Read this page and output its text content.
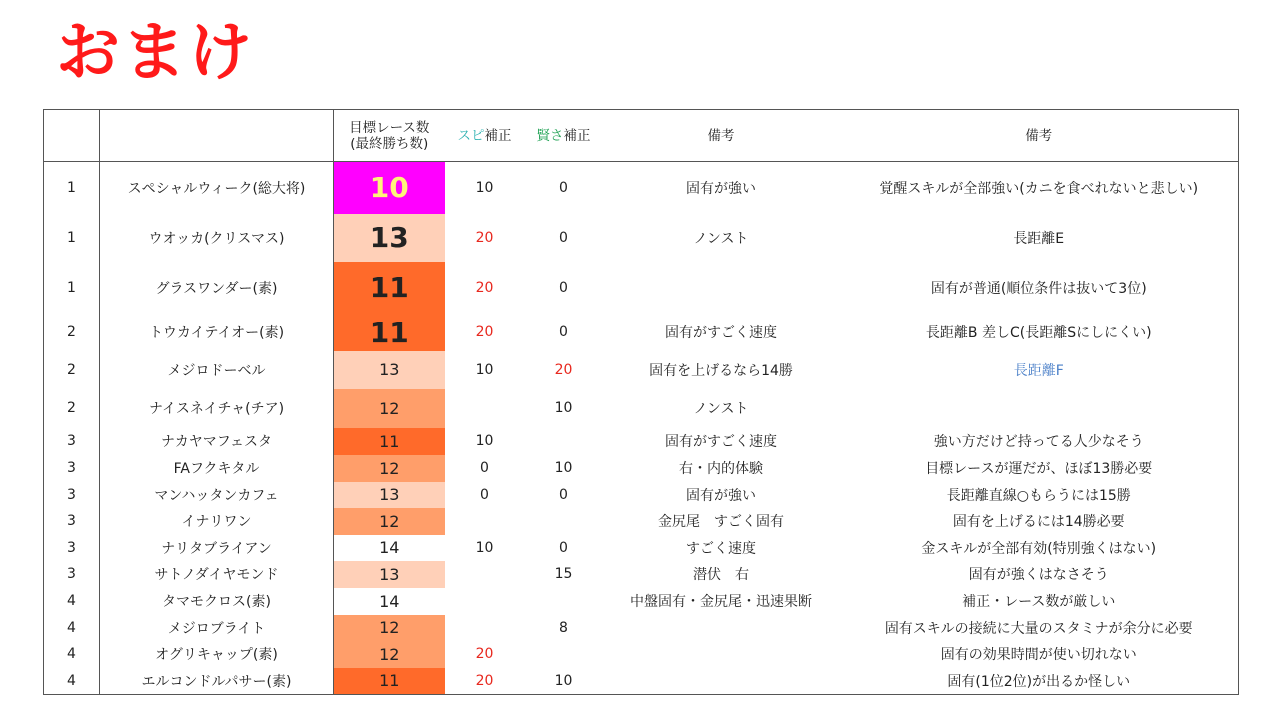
おまけ

		目標レース数
(最終勝ち数)	スピ補正	賢さ補正	備考	備考
1	スペシャルウィーク(総大将)	10	10	0	固有が強い	覚醒スキルが全部強い(カニを食べれないと悲しい)
1	ウオッカ(クリスマス)	13	20	0	ノンスト	長距離E
1	グラスワンダー(素)	11	20	0		固有が普通(順位条件は抜いて3位)
2	トウカイテイオー(素)	11	20	0	固有がすごく速度	長距離B 差しC(長距離Sにしにくい)
2	メジロドーベル	13	10	20	固有を上げるなら14勝	長距離F
2	ナイスネイチャ(チア)	12		10	ノンスト	
3	ナカヤマフェスタ	11	10		固有がすごく速度	強い方だけど持ってる人少なそう
3	FAフクキタル	12	0	10	右・内的体験	目標レースが運だが、ほぼ13勝必要
3	マンハッタンカフェ	13	0	0	固有が強い	長距離直線○もらうには15勝
3	イナリワン	12			金尻尾　すごく固有	固有を上げるには14勝必要
3	ナリタブライアン	14	10	0	すごく速度	金スキルが全部有効(特別強くはない)
3	サトノダイヤモンド	13		15	潜伏　右	固有が強くはなさそう
4	タマモクロス(素)	14			中盤固有・金尻尾・迅速果断	補正・レース数が厳しい
4	メジロブライト	12		8		固有スキルの接続に大量のスタミナが余分に必要
4	オグリキャップ(素)	12	20			固有の効果時間が使い切れない
4	エルコンドルパサー(素)	11	20	10		固有(1位2位)が出るか怪しい
